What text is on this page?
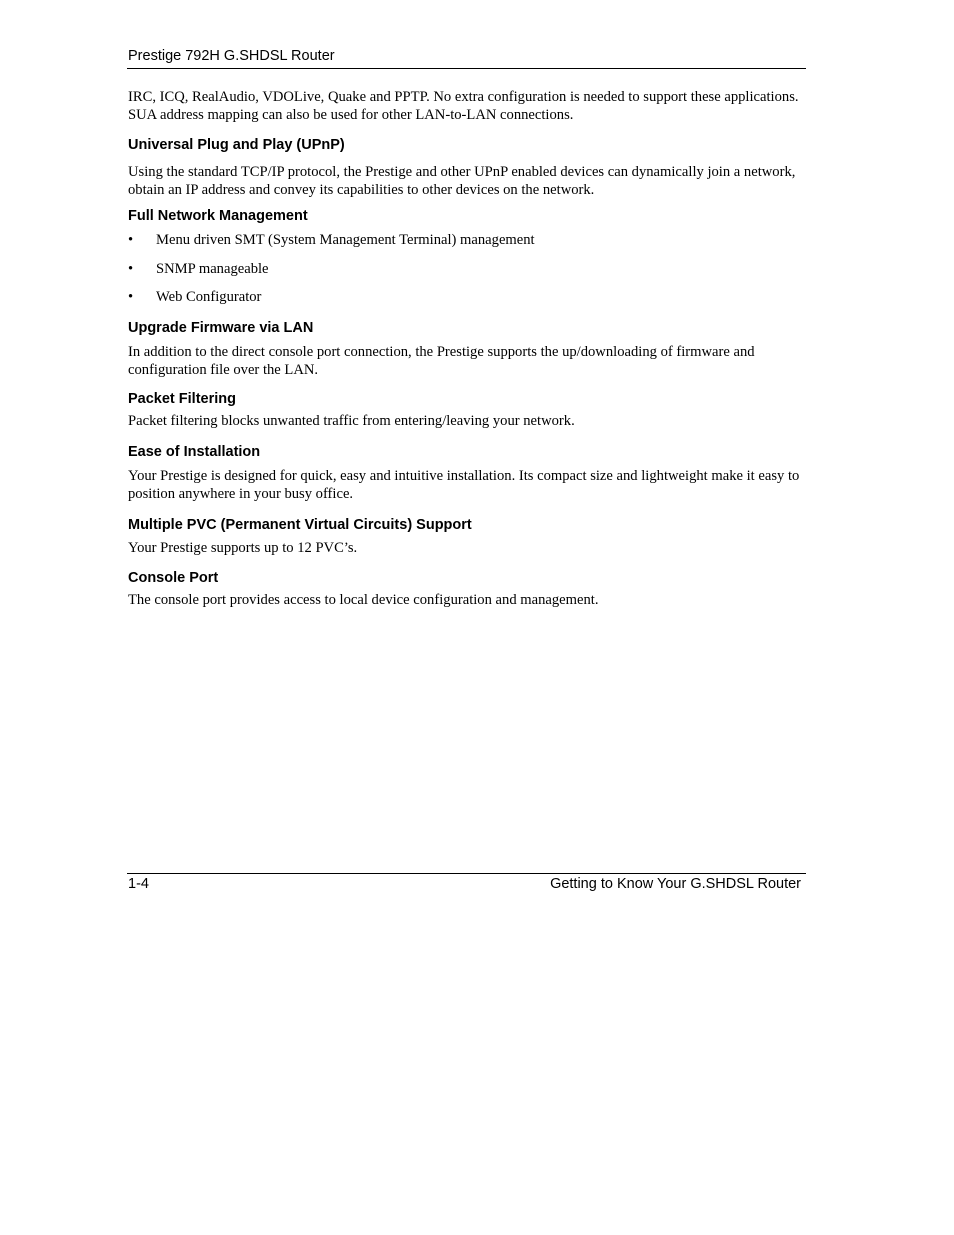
Prestige 792H G.SHDSL Router

IRC, ICQ, RealAudio, VDOLive, Quake and PPTP. No extra configuration is needed to support these applications. SUA address mapping can also be used for other LAN-to-LAN connections.

Universal Plug and Play (UPnP)

Using the standard TCP/IP protocol, the Prestige and other UPnP enabled devices can dynamically join a network, obtain an IP address and convey its capabilities to other devices on the network.

Full Network Management
• Menu driven SMT (System Management Terminal) management
• SNMP manageable
• Web Configurator
Upgrade Firmware via LAN

In addition to the direct console port connection, the Prestige supports the up/downloading of firmware and configuration file over the LAN.

Packet Filtering

Packet filtering blocks unwanted traffic from entering/leaving your network.

Ease of Installation

Your Prestige is designed for quick, easy and intuitive installation. Its compact size and lightweight make it easy to position anywhere in your busy office.

Multiple PVC (Permanent Virtual Circuits) Support

Your Prestige supports up to 12 PVC’s.

Console Port

The console port provides access to local device configuration and management.

1-4	Getting to Know Your G.SHDSL Router
